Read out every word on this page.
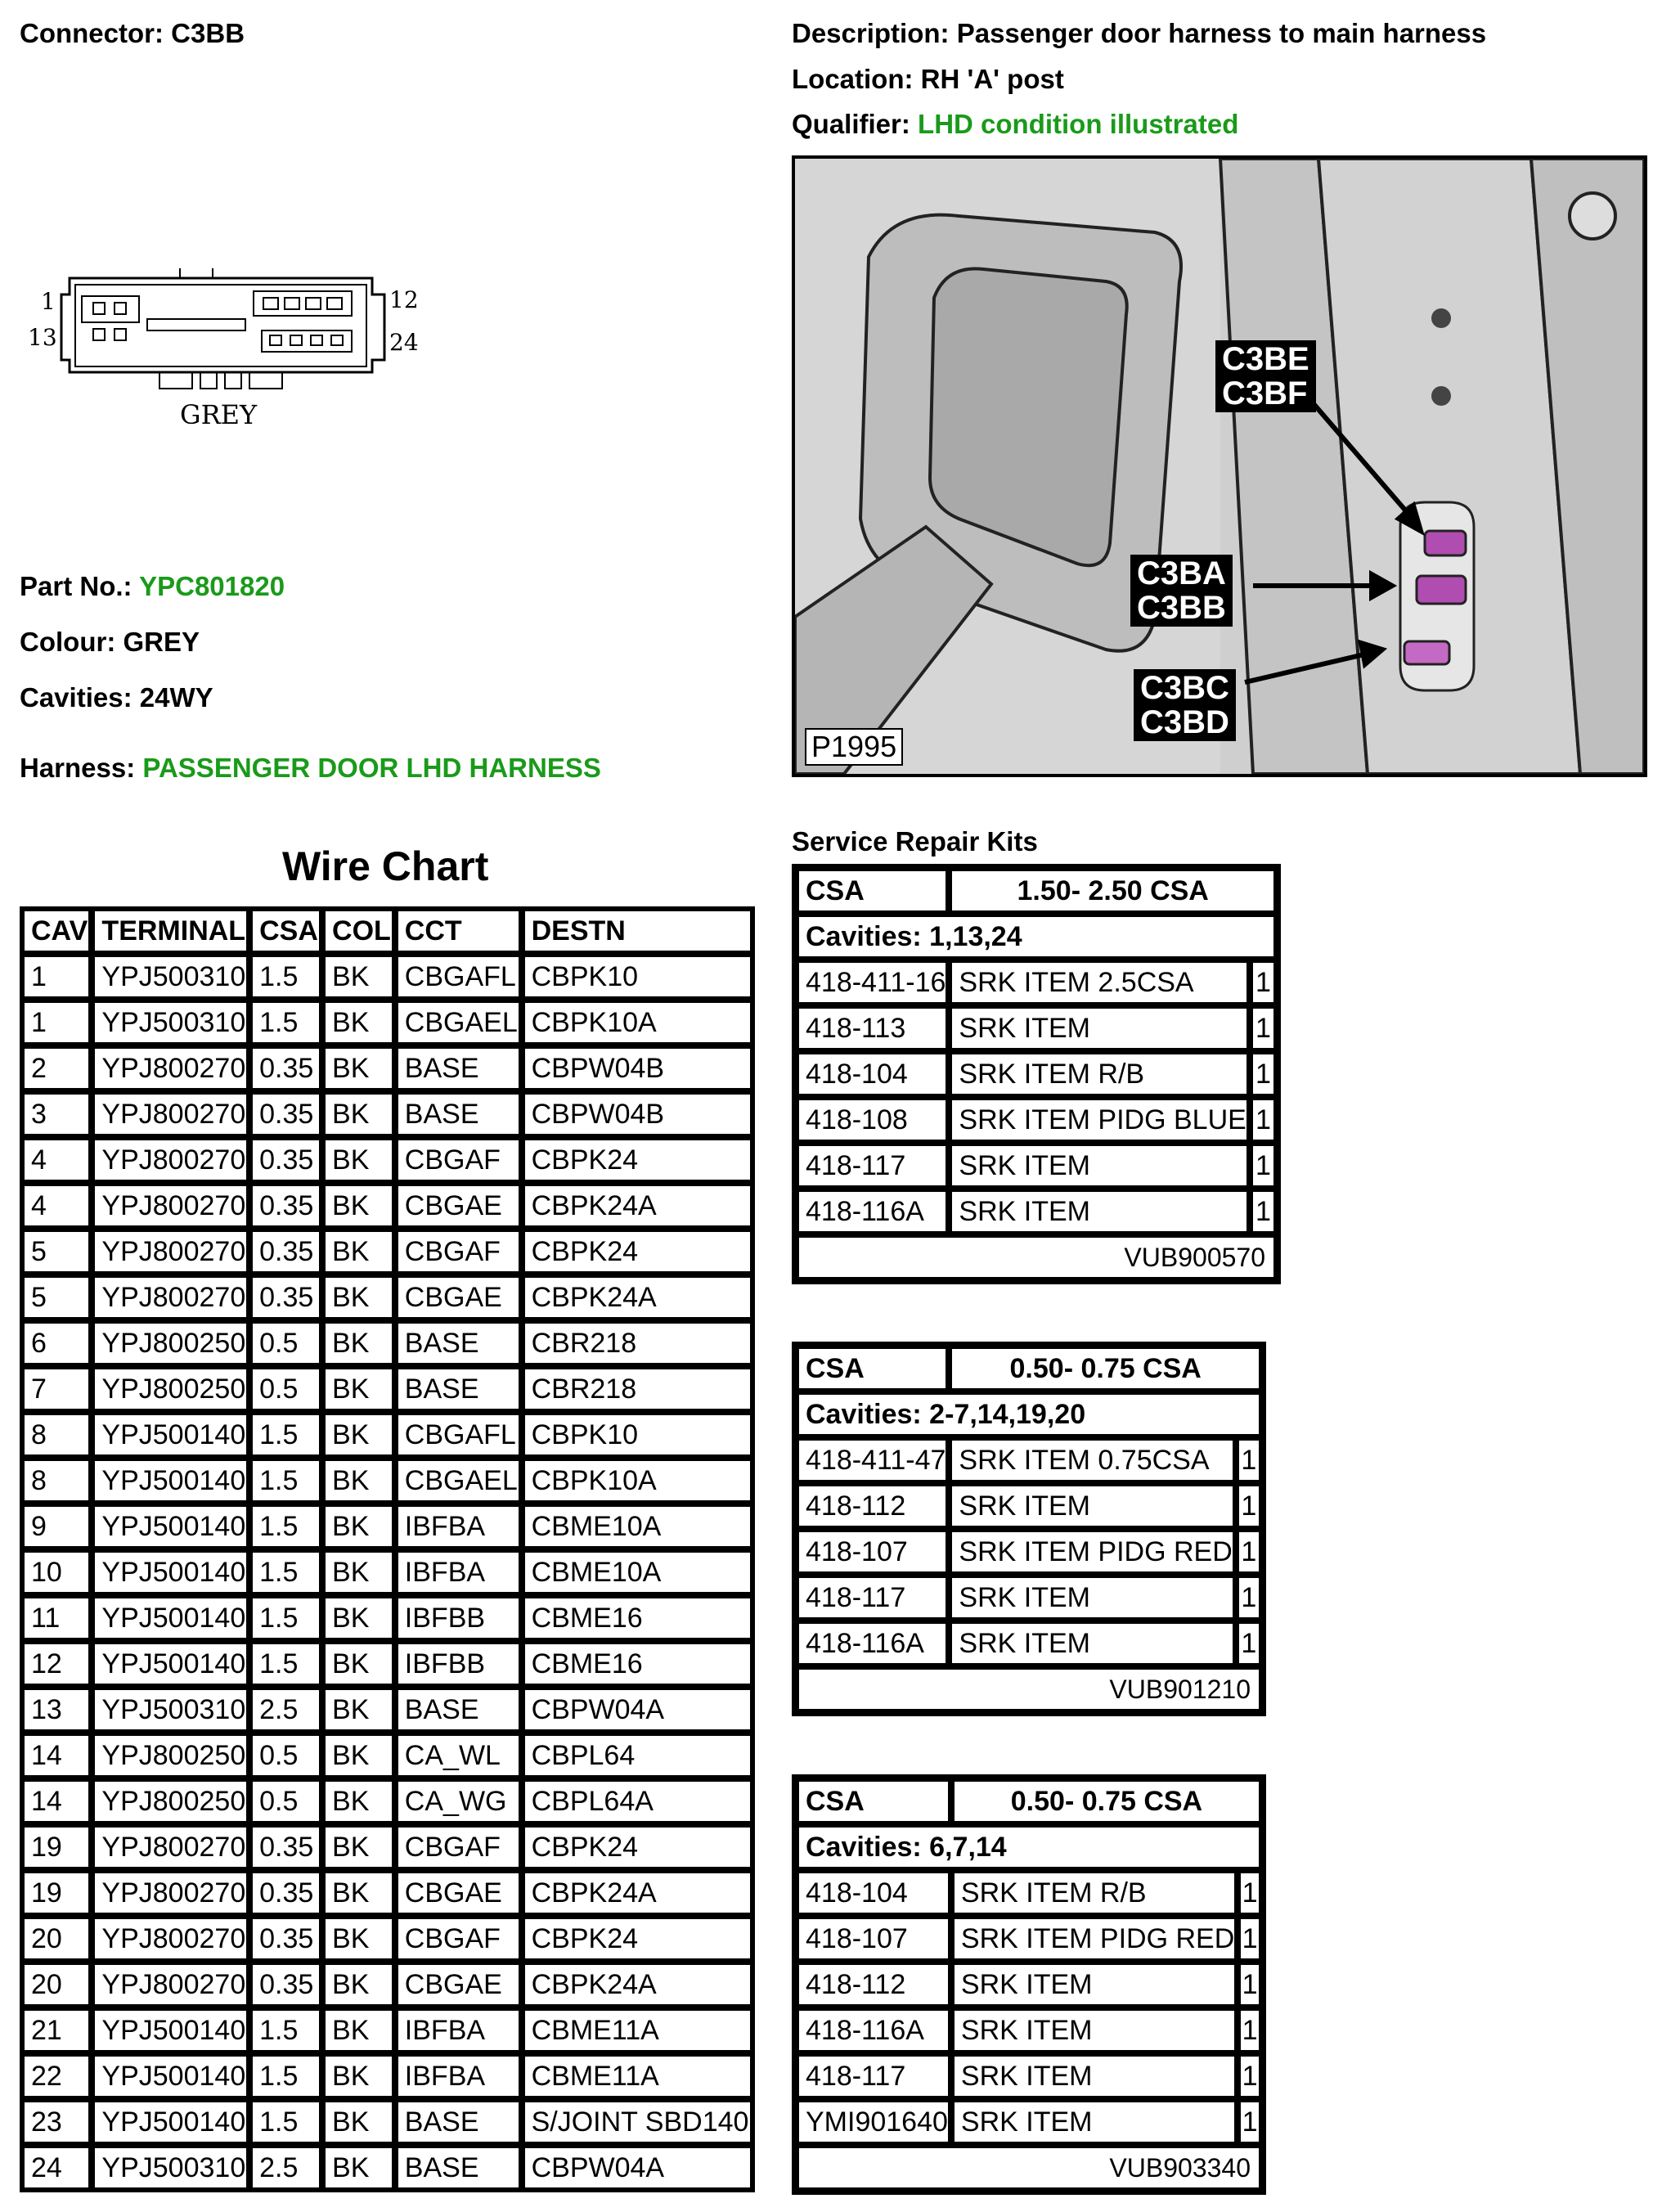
Connector: C3BB	Description: Passenger door harness to main harness
Location: RH 'A' post
Qualifier: LHD condition illustrated
1
13
12
24
GREY
Part No.: YPC801820
Colour: GREY
Cavities: 24WY
Harness: PASSENGER DOOR LHD HARNESS
C3BE
C3BF
C3BA
C3BB
C3BC
C3BD
P1995
Wire Chart
CAV	TERMINAL	CSA	COL	CCT	DESTN
1	YPJ500310	1.5	BK	CBGAFL	CBPK10
1	YPJ500310	1.5	BK	CBGAEL	CBPK10A
2	YPJ800270	0.35	BK	BASE	CBPW04B
3	YPJ800270	0.35	BK	BASE	CBPW04B
4	YPJ800270	0.35	BK	CBGAF	CBPK24
4	YPJ800270	0.35	BK	CBGAE	CBPK24A
5	YPJ800270	0.35	BK	CBGAF	CBPK24
5	YPJ800270	0.35	BK	CBGAE	CBPK24A
6	YPJ800250	0.5	BK	BASE	CBR218
7	YPJ800250	0.5	BK	BASE	CBR218
8	YPJ500140	1.5	BK	CBGAFL	CBPK10
8	YPJ500140	1.5	BK	CBGAEL	CBPK10A
9	YPJ500140	1.5	BK	IBFBA	CBME10A
10	YPJ500140	1.5	BK	IBFBA	CBME10A
11	YPJ500140	1.5	BK	IBFBB	CBME16
12	YPJ500140	1.5	BK	IBFBB	CBME16
13	YPJ500310	2.5	BK	BASE	CBPW04A
14	YPJ800250	0.5	BK	CA_WL	CBPL64
14	YPJ800250	0.5	BK	CA_WG	CBPL64A
19	YPJ800270	0.35	BK	CBGAF	CBPK24
19	YPJ800270	0.35	BK	CBGAE	CBPK24A
20	YPJ800270	0.35	BK	CBGAF	CBPK24
20	YPJ800270	0.35	BK	CBGAE	CBPK24A
21	YPJ500140	1.5	BK	IBFBA	CBME11A
22	YPJ500140	1.5	BK	IBFBA	CBME11A
23	YPJ500140	1.5	BK	BASE	S/JOINT SBD140
24	YPJ500310	2.5	BK	BASE	CBPW04A
Service Repair Kits
CSA	1.50- 2.50 CSA	
Cavities: 1,13,24		
418-411-16	SRK ITEM 2.5CSA	1
418-113	SRK ITEM	1
418-104	SRK ITEM R/B	1
418-108	SRK ITEM PIDG BLUE	1
418-117	SRK ITEM	1
418-116A	SRK ITEM	1
VUB900570		
CSA	0.50- 0.75 CSA	
Cavities: 2-7,14,19,20		
418-411-47	SRK ITEM 0.75CSA	1
418-112	SRK ITEM	1
418-107	SRK ITEM PIDG RED	1
418-117	SRK ITEM	1
418-116A	SRK ITEM	1
VUB901210		
CSA	0.50- 0.75 CSA	
Cavities: 6,7,14		
418-104	SRK ITEM R/B	1
418-107	SRK ITEM PIDG RED	1
418-112	SRK ITEM	1
418-116A	SRK ITEM	1
418-117	SRK ITEM	1
YMI901640	SRK ITEM	1
VUB903340		
